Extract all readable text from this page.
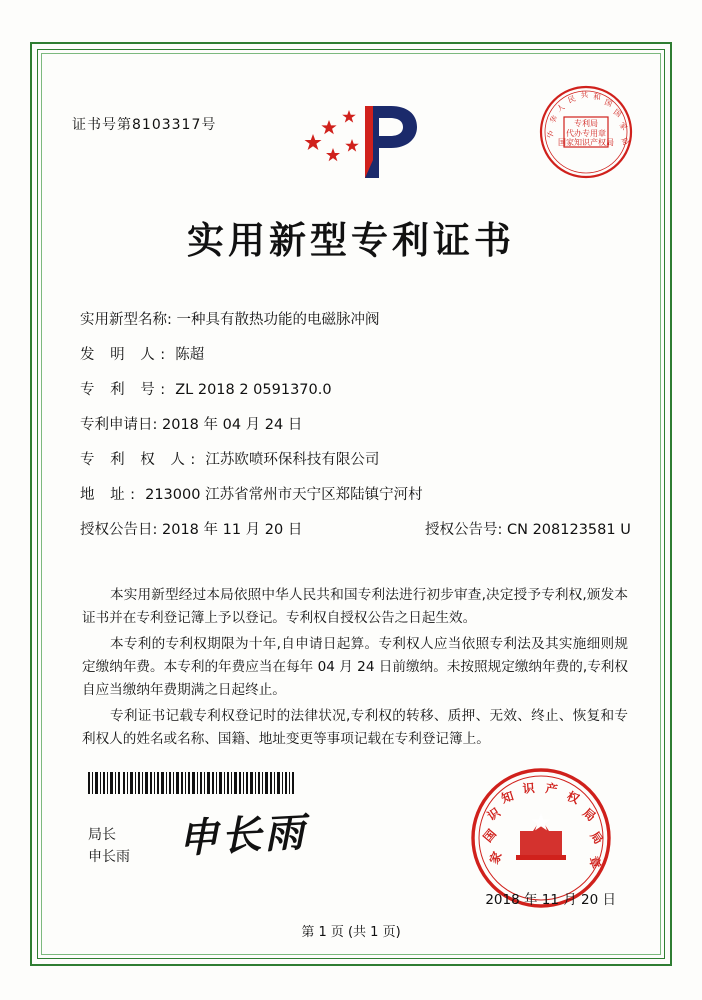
证书号第8103317号	专利局
代办专用章
国家知识产权局
中
华
人
民 共 和
国
国
家
局
实用新型专利证书
实用新型名称: 一种具有散热功能的电磁脉冲阀
发 明 人: 陈超
专 利 号: ZL 2018 2 0591370.0
专利申请日: 2018 年 04 月 24 日
专 利 权 人: 江苏欧喷环保科技有限公司
地 址: 213000 江苏省常州市天宁区郑陆镇宁河村
授权公告日: 2018 年 11 月 20 日	授权公告号: CN 208123581 U
本实用新型经过本局依照中华人民共和国专利法进行初步审查,决定授予专利权,颁发本证书并在专利登记簿上予以登记。专利权自授权公告之日起生效。
本专利的专利权期限为十年,自申请日起算。专利权人应当依照专利法及其实施细则规定缴纳年费。本专利的年费应当在每年 04 月 24 日前缴纳。未按照规定缴纳年费的,专利权自应当缴纳年费期满之日起终止。
专利证书记载专利权登记时的法律状况,专利权的转移、质押、无效、终止、恢复和专利权人的姓名或名称、国籍、地址变更等事项记载在专利登记簿上。
局长
申长雨 申长雨	家
国
识
知
识 产 权
局
局
章
2018 年 11 月 20 日
第 1 页 (共 1 页)
